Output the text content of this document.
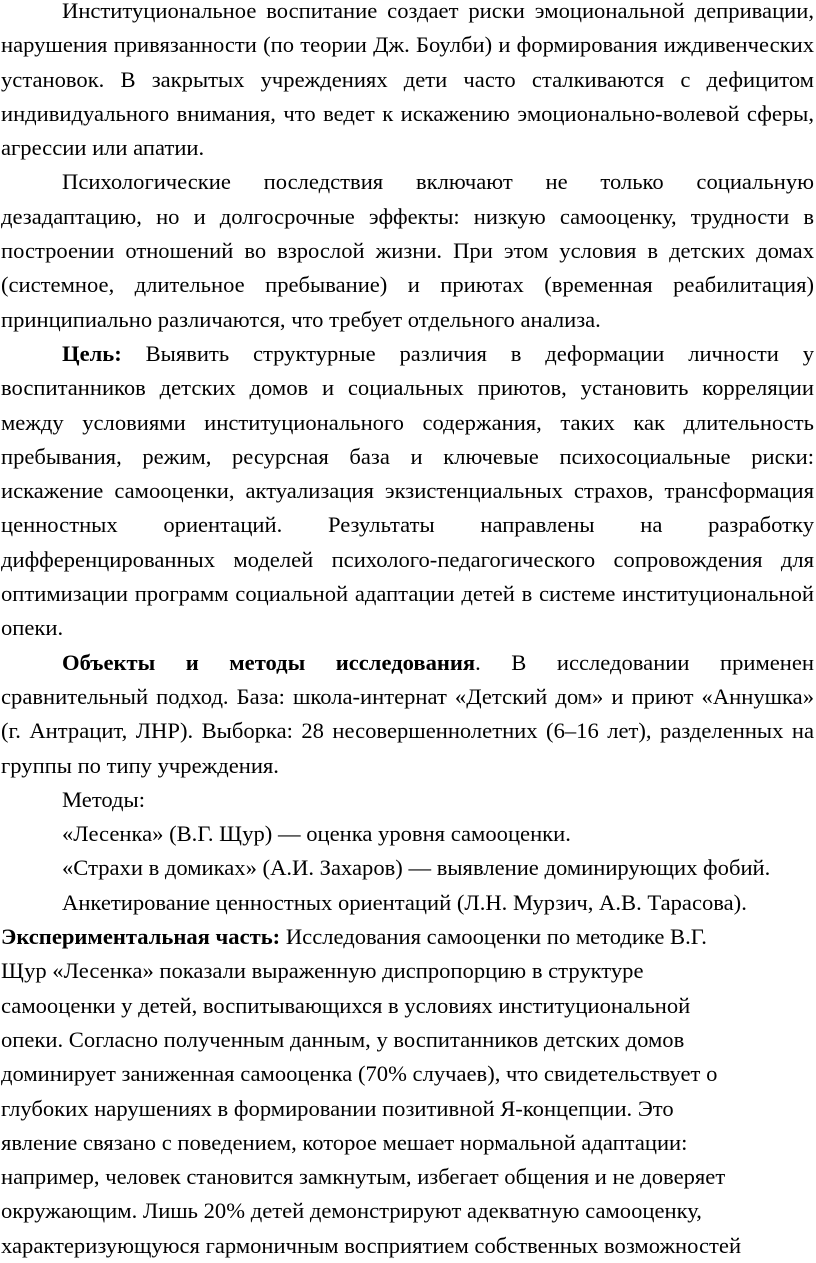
Институциональное воспитание создает риски эмоциональной депривации, нарушения привязанности (по теории Дж. Боулби) и формирования иждивенческих установок. В закрытых учреждениях дети часто сталкиваются с дефицитом индивидуального внимания, что ведет к искажению эмоционально-волевой сферы, агрессии или апатии.

Психологические последствия включают не только социальную дезадаптацию, но и долгосрочные эффекты: низкую самооценку, трудности в построении отношений во взрослой жизни. При этом условия в детских домах (системное, длительное пребывание) и приютах (временная реабилитация) принципиально различаются, что требует отдельного анализа.

Цель: Выявить структурные различия в деформации личности у воспитанников детских домов и социальных приютов, установить корреляции между условиями институционального содержания, таких как длительность пребывания, режим, ресурсная база и ключевые психосоциальные риски: искажение самооценки, актуализация экзистенциальных страхов, трансформация ценностных ориентаций. Результаты направлены на разработку дифференцированных моделей психолого-педагогического сопровождения для оптимизации программ социальной адаптации детей в системе институциональной опеки.

Объекты и методы исследования. В исследовании применен сравнительный подход. База: школа-интернат «Детский дом» и приют «Аннушка» (г. Антрацит, ЛНР). Выборка: 28 несовершеннолетних (6–16 лет), разделенных на группы по типу учреждения.

Методы:

«Лесенка» (В.Г. Щур) — оценка уровня самооценки.

«Страхи в домиках» (А.И. Захаров) — выявление доминирующих фобий.

Анкетирование ценностных ориентаций (Л.Н. Мурзич, А.В. Тарасова).

Экспериментальная часть: Исследования самооценки по методике В.Г.
Щур «Лесенка» показали выраженную диспропорцию в структуре
самооценки у детей, воспитывающихся в условиях институциональной
опеки. Согласно полученным данным, у воспитанников детских домов
доминирует заниженная самооценка (70% случаев), что свидетельствует о
глубоких нарушениях в формировании позитивной Я-концепции. Это
явление связано с поведением, которое мешает нормальной адаптации:
например, человек становится замкнутым, избегает общения и не доверяет
окружающим. Лишь 20% детей демонстрируют адекватную самооценку,
характеризующуюся гармоничным восприятием собственных возможностей
